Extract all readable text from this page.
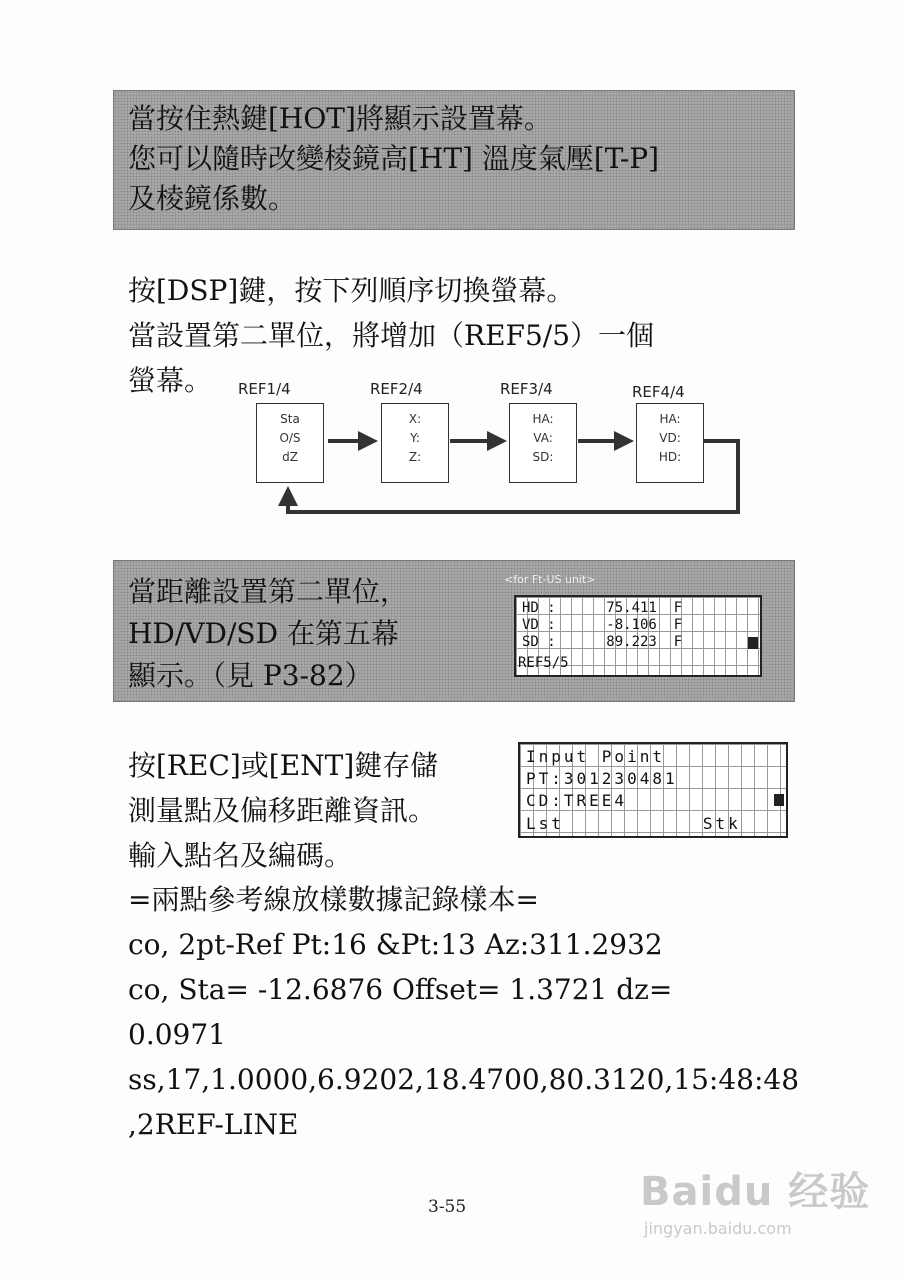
當按住熱鍵[HOT]將顯示設置幕。
您可以隨時改變棱鏡高[HT] 溫度氣壓[T-P]
及棱鏡係數。
按[DSP]鍵，按下列順序切換螢幕。
當設置第二單位，將增加（REF5/5）一個
螢幕。 REF1/4	REF2/4	REF3/4	REF4/4
Sta
O/S
dZ
X:
Y:
Z:
HA:
VA:
SD:
HA:
VD:
HD:
當距離設置第二單位，
HD/VD/SD 在第五幕
顯示。（見 P3-82）
<for Ft-US unit>
HD :      75.411  F
VD :      -8.106  F
SD :      89.223  F
REF5/5
按[REC]或[ENT]鍵存儲
測量點及偏移距離資訊。
輸入點名及編碼。
Input Point
PT:301230481
CD:TREE4
Lst           Stk
=兩點參考線放樣數據記錄樣本=
co, 2pt-Ref Pt:16 &Pt:13 Az:311.2932
co, Sta= -12.6876 Offset= 1.3721 dz=
0.0971
ss,17,1.0000,6.9202,18.4700,80.3120,15:48:48
,2REF-LINE
3-55	Baidu 经验
jingyan.baidu.com
